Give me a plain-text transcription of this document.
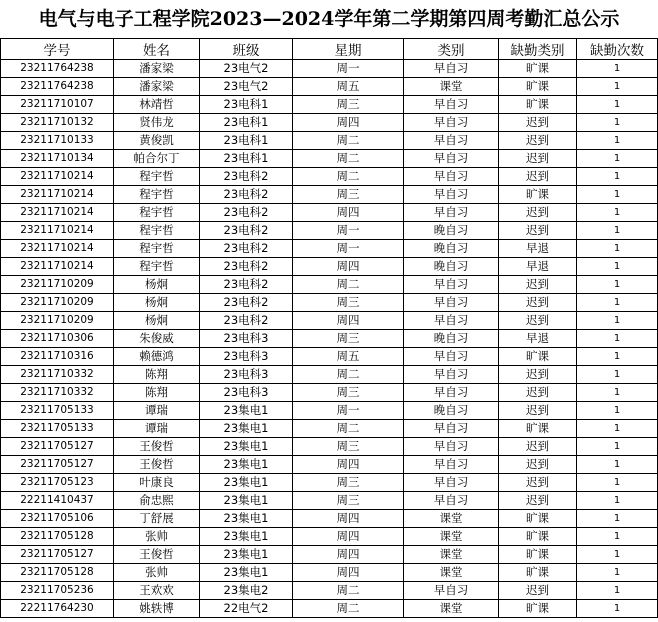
电气与电子工程学院2023—2024学年第二学期第四周考勤汇总公示
学号	姓名	班级	星期	类别	缺勤类别	缺勤次数
23211764238	潘家梁	23电气2	周一	早自习	旷课	1
23211764238	潘家梁	23电气2	周五	课堂	旷课	1
23211710107	林靖哲	23电科1	周三	早自习	旷课	1
23211710132	贤伟龙	23电科1	周四	早自习	迟到	1
23211710133	黄俊凯	23电科1	周二	早自习	迟到	1
23211710134	帕合尔丁	23电科1	周二	早自习	迟到	1
23211710214	程宇哲	23电科2	周二	早自习	迟到	1
23211710214	程宇哲	23电科2	周三	早自习	旷课	1
23211710214	程宇哲	23电科2	周四	早自习	迟到	1
23211710214	程宇哲	23电科2	周一	晚自习	迟到	1
23211710214	程宇哲	23电科2	周一	晚自习	早退	1
23211710214	程宇哲	23电科2	周四	晚自习	早退	1
23211710209	杨炯	23电科2	周二	早自习	迟到	1
23211710209	杨炯	23电科2	周三	早自习	迟到	1
23211710209	杨炯	23电科2	周四	早自习	迟到	1
23211710306	朱俊威	23电科3	周三	晚自习	早退	1
23211710316	赖德鸿	23电科3	周五	早自习	旷课	1
23211710332	陈翔	23电科3	周二	早自习	迟到	1
23211710332	陈翔	23电科3	周三	早自习	迟到	1
23211705133	谭瑞	23集电1	周一	晚自习	迟到	1
23211705133	谭瑞	23集电1	周二	早自习	旷课	1
23211705127	王俊哲	23集电1	周三	早自习	迟到	1
23211705127	王俊哲	23集电1	周四	早自习	迟到	1
23211705123	叶康良	23集电1	周三	早自习	迟到	1
22211410437	俞忠熙	23集电1	周三	早自习	迟到	1
23211705106	丁舒展	23集电1	周四	课堂	旷课	1
23211705128	张帅	23集电1	周四	课堂	旷课	1
23211705127	王俊哲	23集电1	周四	课堂	旷课	1
23211705128	张帅	23集电1	周四	课堂	旷课	1
23211705236	王欢欢	23集电2	周二	早自习	迟到	1
22211764230	姚轶博	22电气2	周二	课堂	旷课	1
